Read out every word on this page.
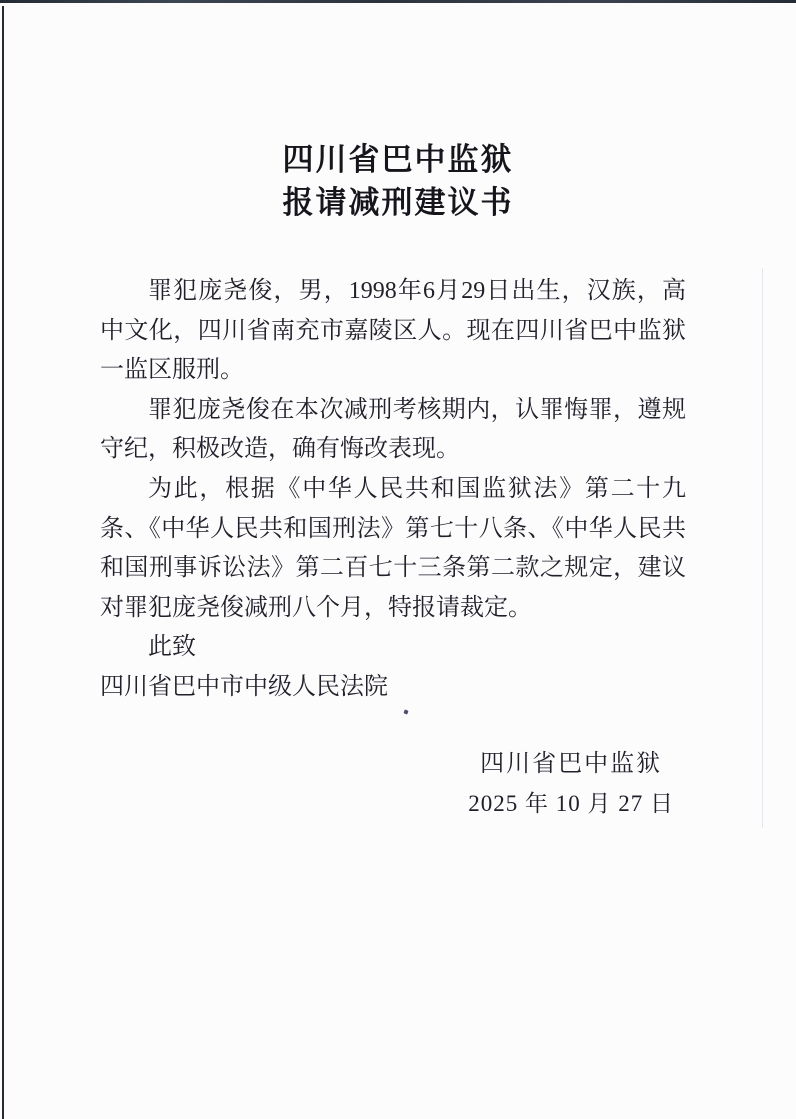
四川省巴中监狱
报请减刑建议书

罪犯庞尧俊，男，1998年6月29日出生，汉族，高中文化，四川省南充市嘉陵区人。现在四川省巴中监狱一监区服刑。

罪犯庞尧俊在本次减刑考核期内，认罪悔罪，遵规守纪，积极改造，确有悔改表现。

为此，根据《中华人民共和国监狱法》第二十九条、《中华人民共和国刑法》第七十八条、《中华人民共和国刑事诉讼法》第二百七十三条第二款之规定，建议对罪犯庞尧俊减刑八个月，特报请裁定。

此致
四川省巴中市中级人民法院
四川省巴中监狱
2025 年 10 月 27 日
